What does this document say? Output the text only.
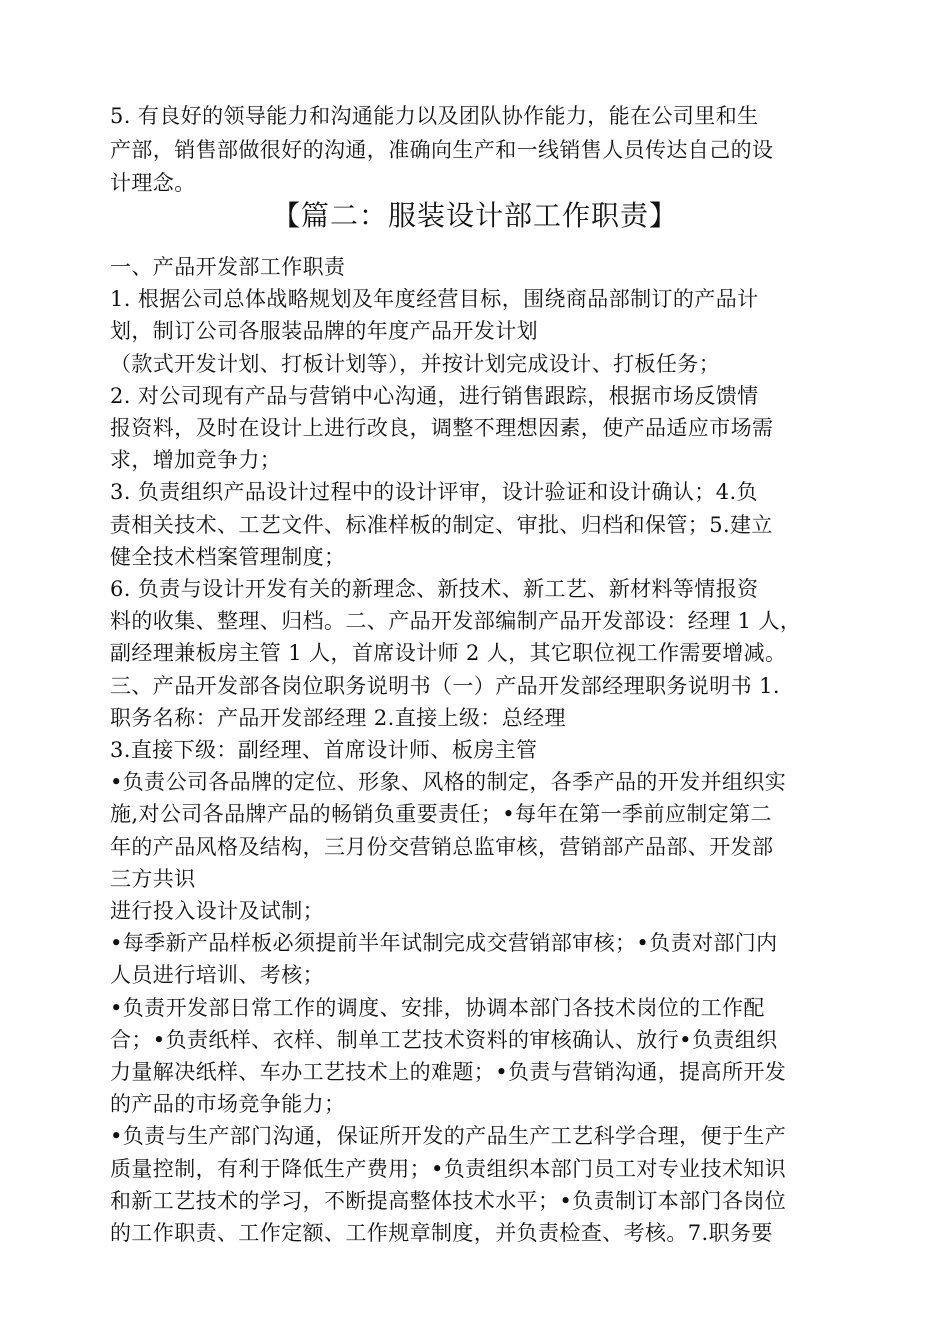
5. 有良好的领导能力和沟通能力以及团队协作能力，能在公司里和生
产部，销售部做很好的沟通，准确向生产和一线销售人员传达自己的设
计理念。
【篇二：服装设计部工作职责】
一、产品开发部工作职责
1. 根据公司总体战略规划及年度经营目标，围绕商品部制订的产品计
划，制订公司各服装品牌的年度产品开发计划
（款式开发计划、打板计划等），并按计划完成设计、打板任务；
2. 对公司现有产品与营销中心沟通，进行销售跟踪，根据市场反馈情
报资料，及时在设计上进行改良，调整不理想因素，使产品适应市场需
求，增加竞争力；
3. 负责组织产品设计过程中的设计评审，设计验证和设计确认；4.负
责相关技术、工艺文件、标准样板的制定、审批、归档和保管；5.建立
健全技术档案管理制度；
6. 负责与设计开发有关的新理念、新技术、新工艺、新材料等情报资
料的收集、整理、归档。二、产品开发部编制产品开发部设：经理 1 人，
副经理兼板房主管 1 人，首席设计师 2 人，其它职位视工作需要增减。
三、产品开发部各岗位职务说明书（一）产品开发部经理职务说明书 1.
职务名称：产品开发部经理 2.直接上级：总经理
3.直接下级：副经理、首席设计师、板房主管
•负责公司各品牌的定位、形象、风格的制定，各季产品的开发并组织实
施,对公司各品牌产品的畅销负重要责任；•每年在第一季前应制定第二
年的产品风格及结构，三月份交营销总监审核，营销部产品部、开发部
三方共识
进行投入设计及试制；
•每季新产品样板必须提前半年试制完成交营销部审核；•负责对部门内
人员进行培训、考核；
•负责开发部日常工作的调度、安排，协调本部门各技术岗位的工作配
合；•负责纸样、衣样、制单工艺技术资料的审核确认、放行•负责组织
力量解决纸样、车办工艺技术上的难题；•负责与营销沟通，提高所开发
的产品的市场竞争能力；
•负责与生产部门沟通，保证所开发的产品生产工艺科学合理，便于生产
质量控制，有利于降低生产费用；•负责组织本部门员工对专业技术知识
和新工艺技术的学习，不断提高整体技术水平；•负责制订本部门各岗位
的工作职责、工作定额、工作规章制度，并负责检查、考核。7.职务要
